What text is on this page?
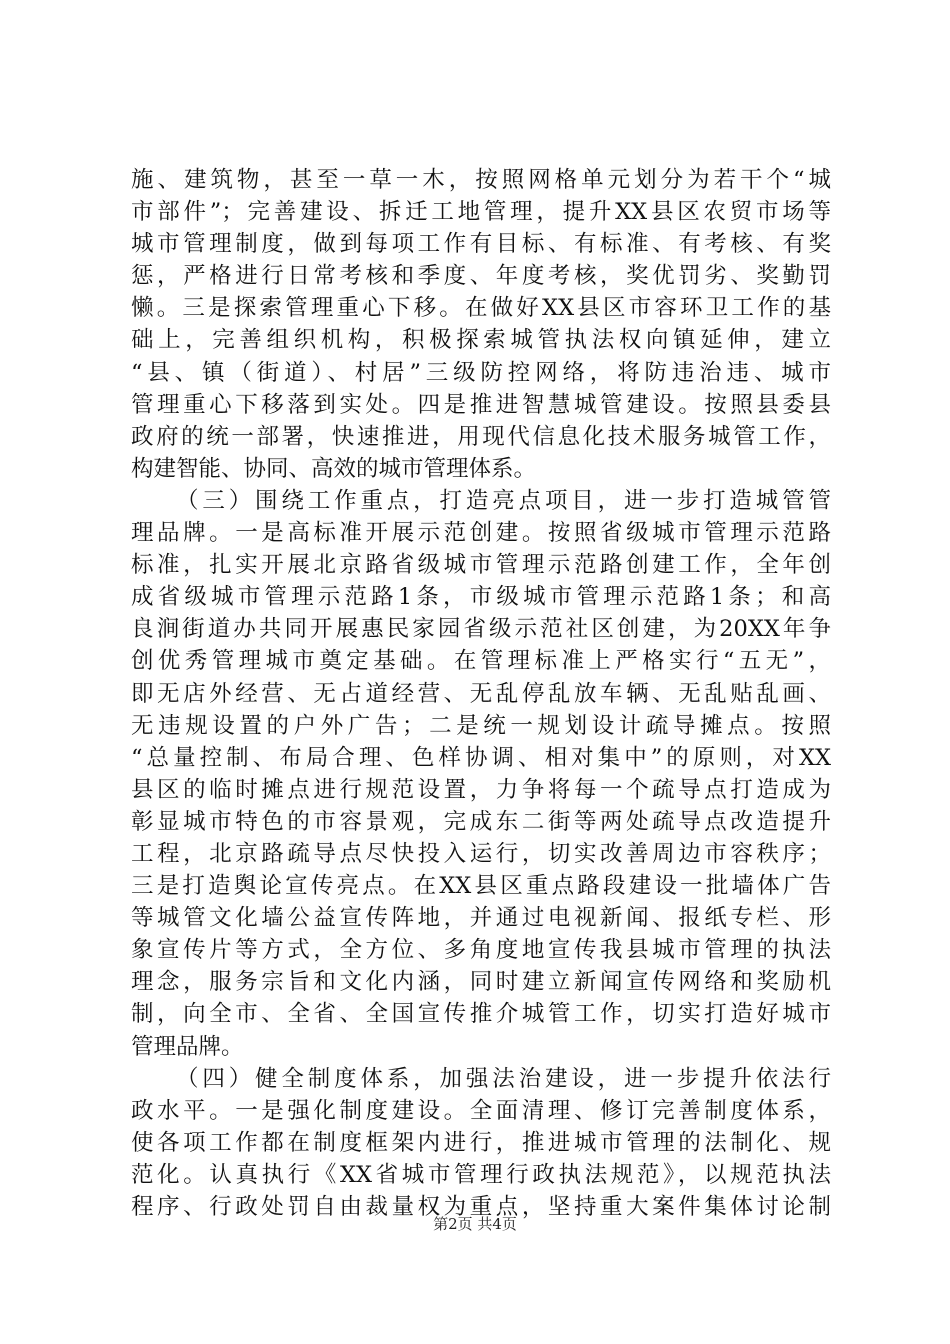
施、建筑物，甚至一草一木，按照网格单元划分为若干个“城
市部件”；完善建设、拆迁工地管理，提升XX县区农贸市场等
城市管理制度，做到每项工作有目标、有标准、有考核、有奖
惩，严格进行日常考核和季度、年度考核，奖优罚劣、奖勤罚
懒。三是探索管理重心下移。在做好XX县区市容环卫工作的基
础上，完善组织机构，积极探索城管执法权向镇延伸，建立
“县、镇（街道）、村居”三级防控网络，将防违治违、城市
管理重心下移落到实处。四是推进智慧城管建设。按照县委县
政府的统一部署，快速推进，用现代信息化技术服务城管工作，
构建智能、协同、高效的城市管理体系。
（三）围绕工作重点，打造亮点项目，进一步打造城管管
理品牌。一是高标准开展示范创建。按照省级城市管理示范路
标准，扎实开展北京路省级城市管理示范路创建工作，全年创
成省级城市管理示范路1条，市级城市管理示范路1条；和高
良涧街道办共同开展惠民家园省级示范社区创建，为20XX年争
创优秀管理城市奠定基础。在管理标准上严格实行“五无”，
即无店外经营、无占道经营、无乱停乱放车辆、无乱贴乱画、
无违规设置的户外广告；二是统一规划设计疏导摊点。按照
“总量控制、布局合理、色样协调、相对集中”的原则，对XX
县区的临时摊点进行规范设置，力争将每一个疏导点打造成为
彰显城市特色的市容景观，完成东二街等两处疏导点改造提升
工程，北京路疏导点尽快投入运行，切实改善周边市容秩序；
三是打造舆论宣传亮点。在XX县区重点路段建设一批墙体广告
等城管文化墙公益宣传阵地，并通过电视新闻、报纸专栏、形
象宣传片等方式，全方位、多角度地宣传我县城市管理的执法
理念，服务宗旨和文化内涵，同时建立新闻宣传网络和奖励机
制，向全市、全省、全国宣传推介城管工作，切实打造好城市
管理品牌。
（四）健全制度体系，加强法治建设，进一步提升依法行
政水平。一是强化制度建设。全面清理、修订完善制度体系，
使各项工作都在制度框架内进行，推进城市管理的法制化、规
范化。认真执行《XX省城市管理行政执法规范》，以规范执法
程序、行政处罚自由裁量权为重点，坚持重大案件集体讨论制
第2页 共4页
